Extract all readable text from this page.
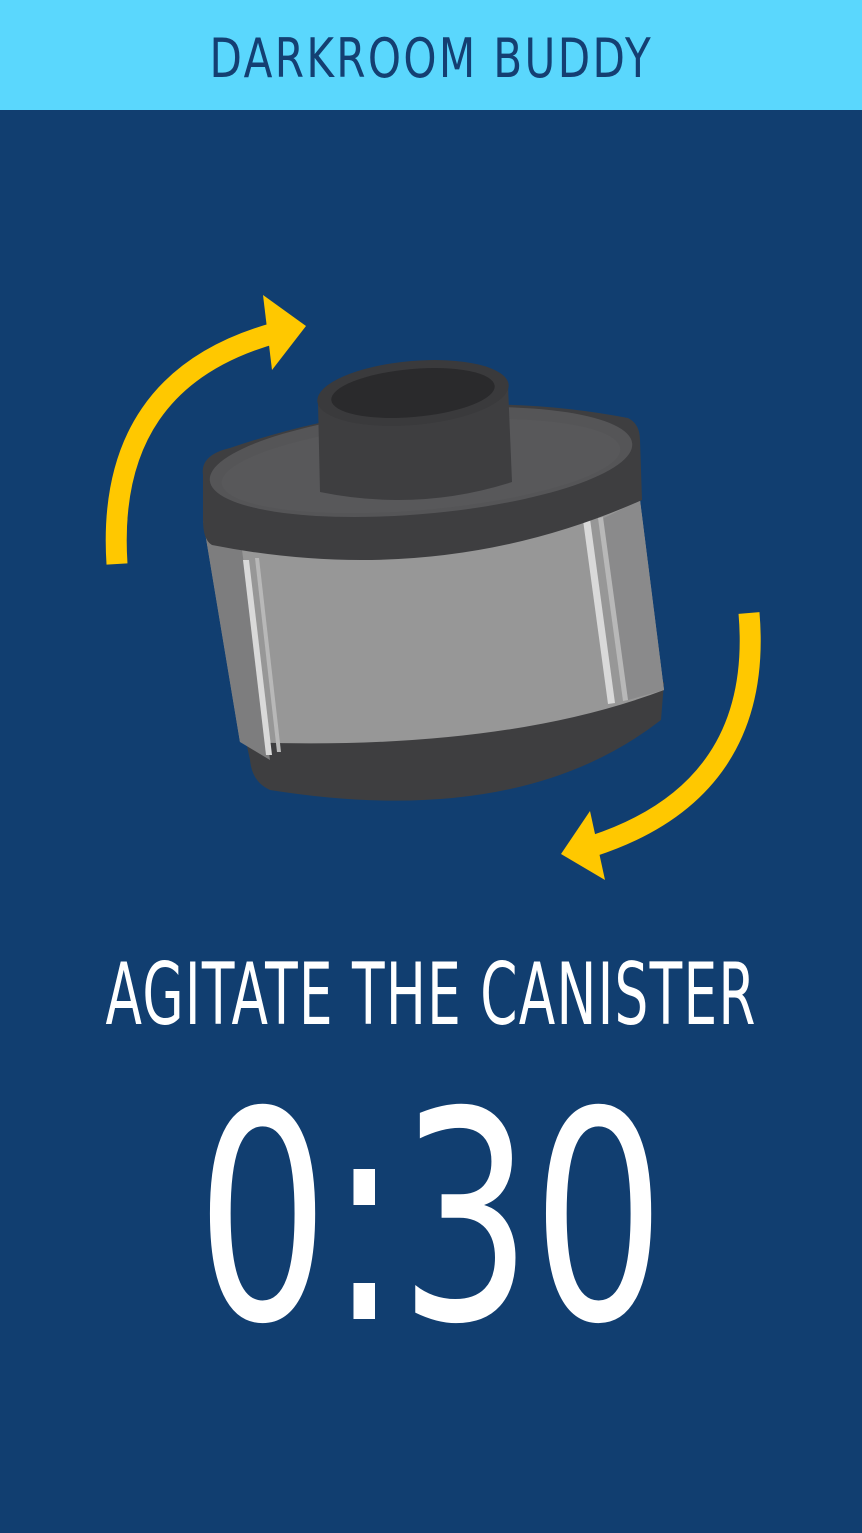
DARKROOM BUDDY
AGITATE THE CANISTER
0:30
